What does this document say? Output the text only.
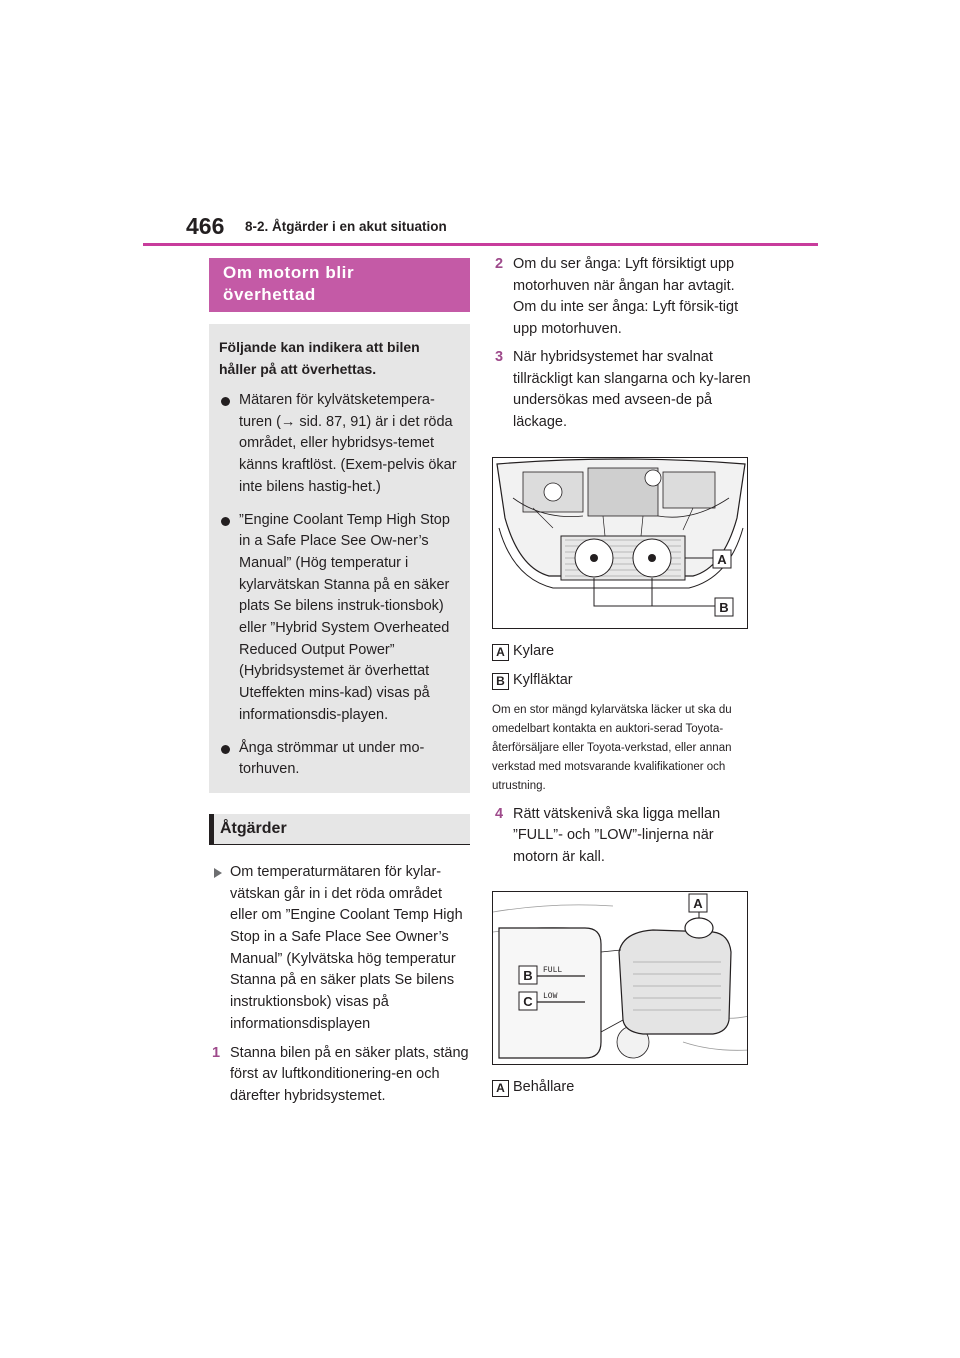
466 8-2. Åtgärder i en akut situation
Om motorn blir
överhettad
Följande kan indikera att bilen håller på att överhettas.
Mätaren för kylvätsketempera-turen (→ sid. 87, 91) är i det röda området, eller hybridsys-temet känns kraftlöst. (Exem-pelvis ökar inte bilens hastig-het.)
”Engine Coolant Temp High Stop in a Safe Place See Ow-ner’s Manual” (Hög temperatur i kylarvätskan Stanna på en säker plats Se bilens instruk-tionsbok) eller ”Hybrid System Overheated Reduced Output Power” (Hybridsystemet är överhettat Uteffekten mins-kad) visas på informationsdis-playen.
Ånga strömmar ut under mo-torhuven.
Åtgärder
Om temperaturmätaren för kylar-vätskan går in i det röda området eller om ”Engine Coolant Temp High Stop in a Safe Place See Owner’s Manual” (Kylvätska hög temperatur Stanna på en säker plats Se bilens instruktionsbok) visas på informationsdisplayen
1 Stanna bilen på en säker plats, stäng först av luftkonditionering-en och därefter hybridsystemet.
2 Om du ser ånga: Lyft försiktigt upp motorhuven när ångan har avtagit. Om du inte ser ånga: Lyft försik-tigt upp motorhuven.
3 När hybridsystemet har svalnat tillräckligt kan slangarna och ky-laren undersökas med avseen-de på läckage.
A
B
A Kylare
B Kylfläktar
Om en stor mängd kylarvätska läcker ut ska du omedelbart kontakta en auktori-serad Toyota-återförsäljare eller Toyota-verkstad, eller annan verkstad med motsvarande kvalifikationer och utrustning.
4 Rätt vätskenivå ska ligga mellan ”FULL”- och ”LOW”-linjerna när motorn är kall.
A
FULL
LOW
B
C
A Behållare
